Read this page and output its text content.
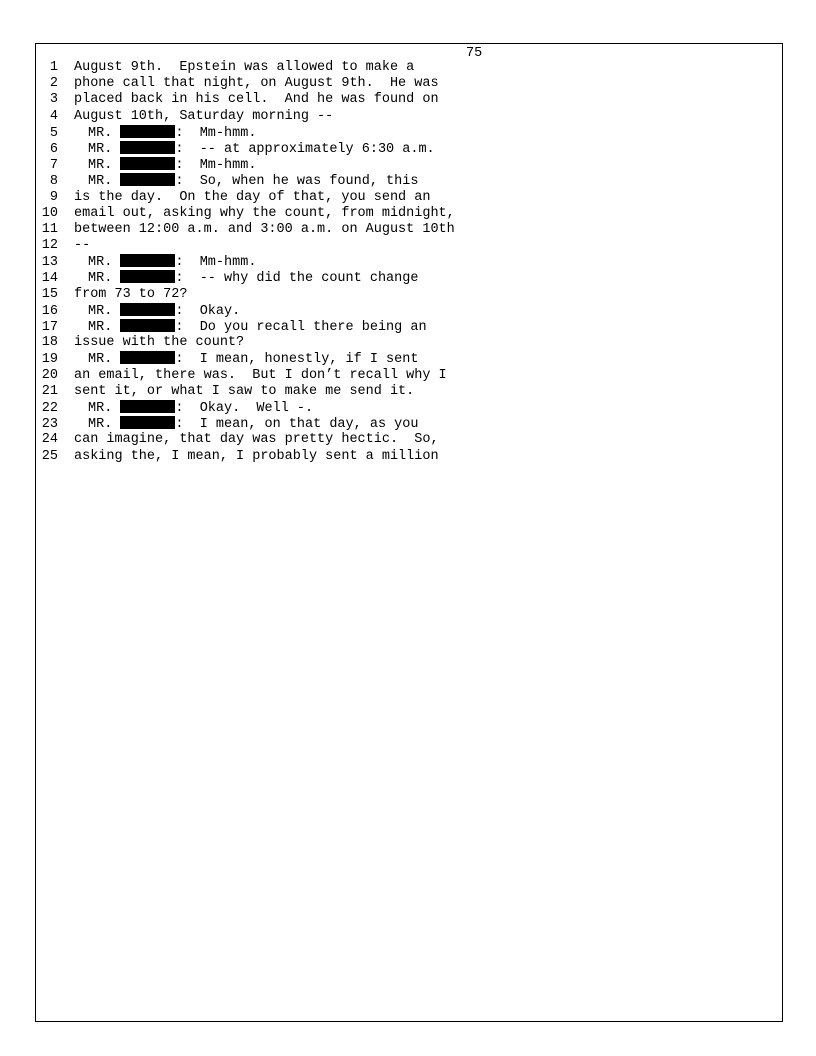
75
1 August 9th.  Epstein was allowed to make a
2 phone call that night, on August 9th.  He was
3 placed back in his cell.  And he was found on
4 August 10th, Saturday morning --
5 MR.	:  Mm-hmm.
6 MR.	:  -- at approximately 6:30 a.m.
7 MR.	:  Mm-hmm.
8 MR.	:  So, when he was found, this
9 is the day.  On the day of that, you send an
10 email out, asking why the count, from midnight,
11 between 12:00 a.m. and 3:00 a.m. on August 10th
12 --
13 MR.	:  Mm-hmm.
14 MR.	:  -- why did the count change
15 from 73 to 72?
16 MR.	:  Okay.
17 MR.	:  Do you recall there being an
18 issue with the count?
19 MR.	:  I mean, honestly, if I sent
20 an email, there was.  But I don’t recall why I
21 sent it, or what I saw to make me send it.
22 MR.	:  Okay.  Well -.
23 MR.	:  I mean, on that day, as you
24 can imagine, that day was pretty hectic.  So,
25 asking the, I mean, I probably sent a million
